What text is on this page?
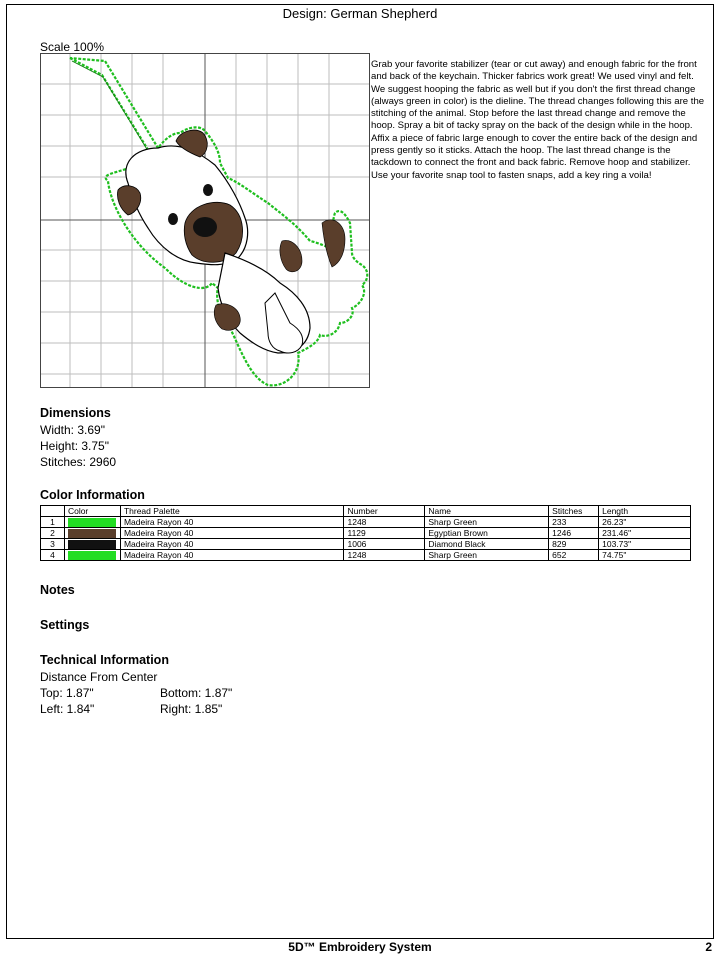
Design: German Shepherd
Scale 100%
Grab your favorite stabilizer (tear or cut away) and enough fabric for the front and back of the keychain. Thicker fabrics work great! We used vinyl and felt. We suggest hooping the fabric as well but if you don't the first thread change (always green in color) is the dieline. The thread changes following this are the stitching of the animal. Stop before the last thread change and remove the hoop. Spray a bit of tacky spray on the back of the design while in the hoop. Affix a piece of fabric large enough to cover the entire back of the design and press gently so it sticks. Attach the hoop. The last thread change is the tackdown to connect the front and back fabric. Remove hoop and stabilizer. Use your favorite snap tool to fasten snaps, add a key ring a voila!
Dimensions
Width: 3.69"
Height: 3.75"
Stitches: 2960
Color Information
	Color	Thread Palette	Number	Name	Stitches	Length
1		Madeira Rayon 40	1248	Sharp Green	233	26.23"
2		Madeira Rayon 40	1129	Egyptian Brown	1246	231.46"
3		Madeira Rayon 40	1006	Diamond Black	829	103.73"
4		Madeira Rayon 40	1248	Sharp Green	652	74.75"
Notes
Settings
Technical Information
Distance From Center
Top: 1.87"	Bottom: 1.87"
Left: 1.84"	Right: 1.85"
5D™ Embroidery System	2
